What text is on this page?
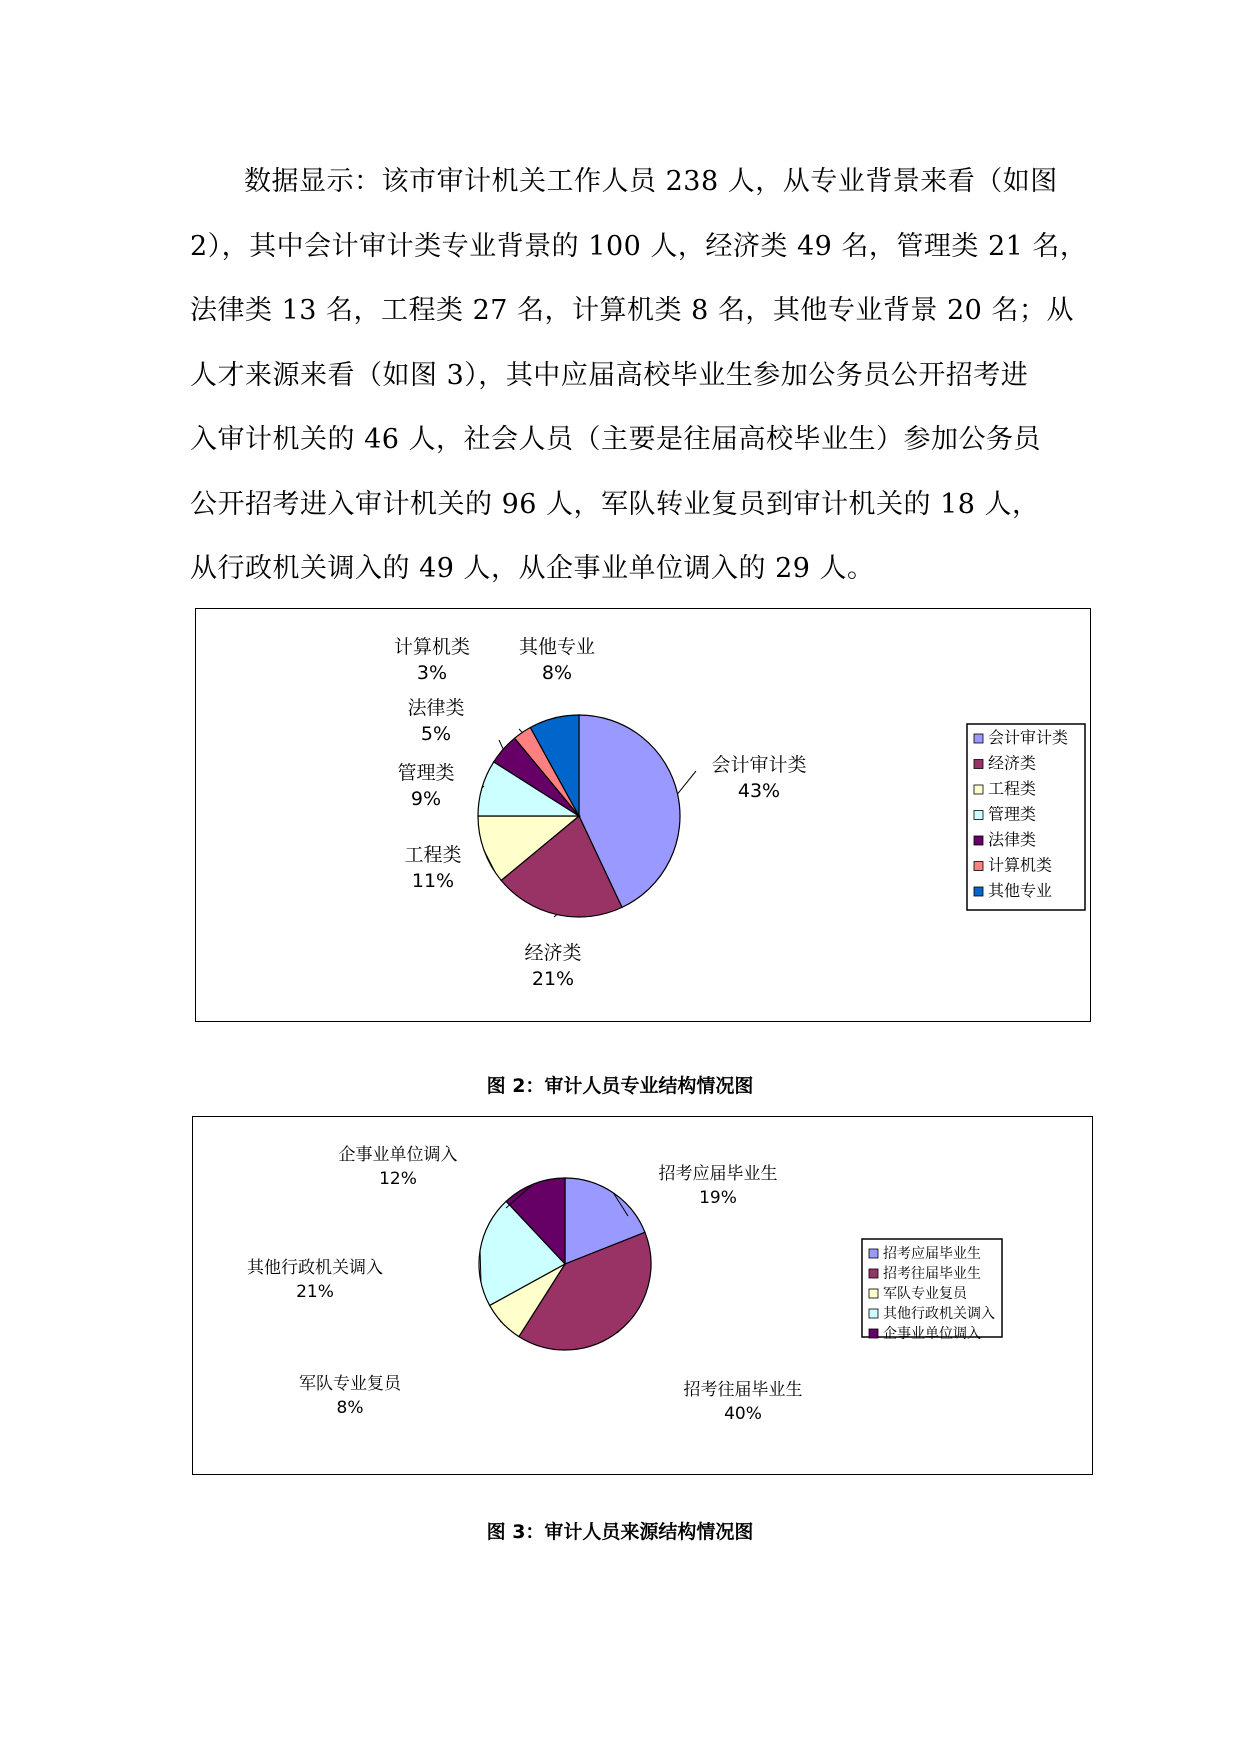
数据显示：该市审计机关工作人员 238 人，从专业背景来看（如图

2），其中会计审计类专业背景的 100 人，经济类 49 名，管理类 21 名，

法律类 13 名，工程类 27 名，计算机类 8 名，其他专业背景 20 名；从

人才来源来看（如图 3），其中应届高校毕业生参加公务员公开招考进

入审计机关的 46 人，社会人员（主要是往届高校毕业生）参加公务员

公开招考进入审计机关的 96 人，军队转业复员到审计机关的 18 人，

从行政机关调入的 49 人，从企事业单位调入的 29 人。

会计审计类
43%
经济类
21%
工程类
11%
管理类
9%
法律类
5%
计算机类
3%
其他专业
8%
会计审计类
经济类
工程类
管理类
法律类
计算机类
其他专业
图 2：审计人员专业结构情况图
招考应届毕业生
19%
招考往届毕业生
40%
军队专业复员
8%
其他行政机关调入
21%
企事业单位调入
12%
招考应届毕业生
招考往届毕业生
军队专业复员
其他行政机关调入
企事业单位调入
图 3：审计人员来源结构情况图
